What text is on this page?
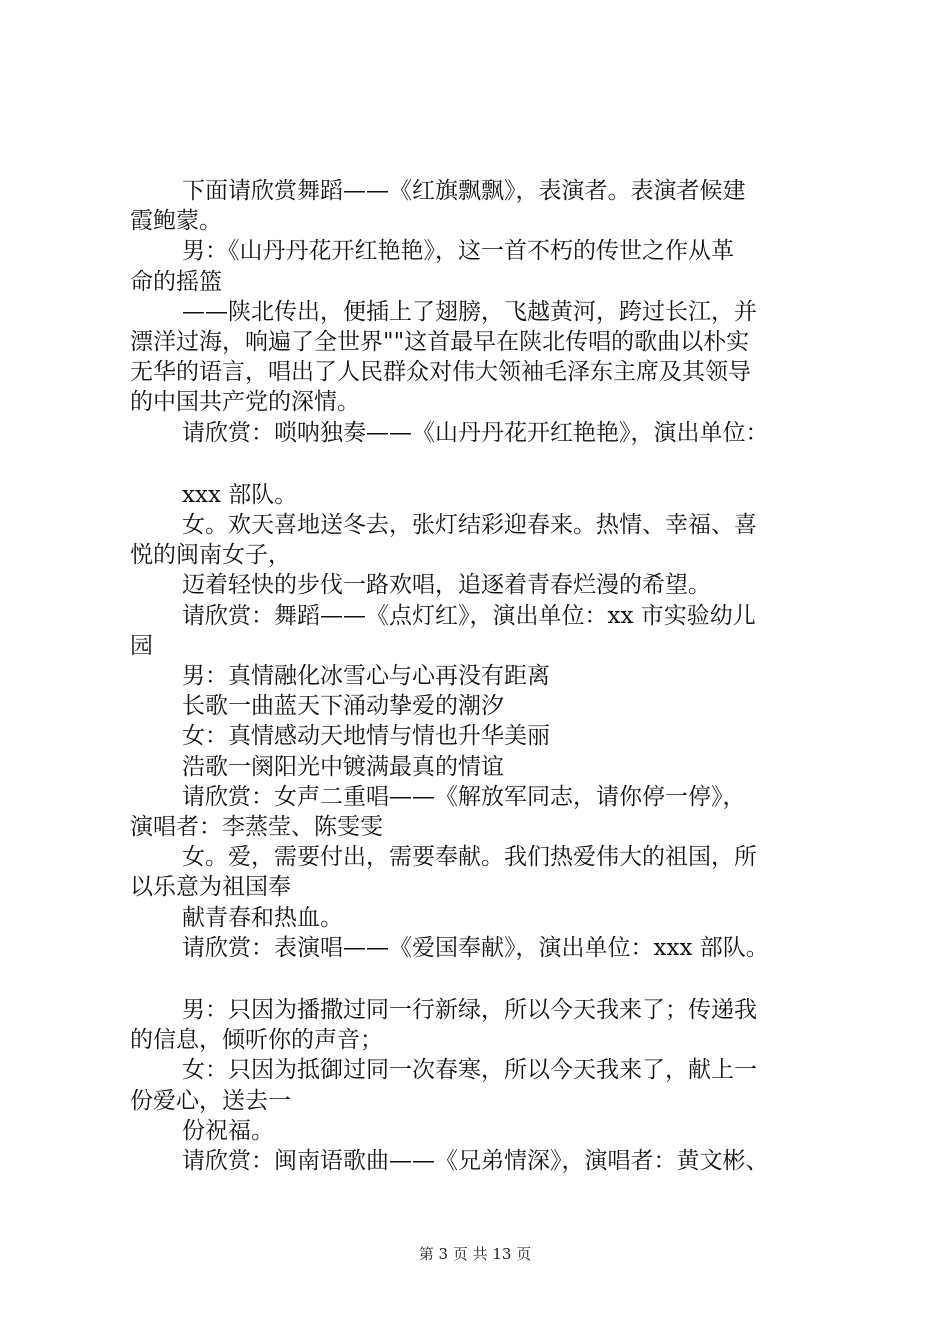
下面请欣赏舞蹈——《红旗飘飘》，表演者。表演者候建

霞鲍蒙。

男：《山丹丹花开红艳艳》，这一首不朽的传世之作从革

命的摇篮

——陕北传出，便插上了翅膀，飞越黄河，跨过长江，并

漂洋过海，响遍了全世界""这首最早在陕北传唱的歌曲以朴实

无华的语言，唱出了人民群众对伟大领袖毛泽东主席及其领导

的中国共产党的深情。

请欣赏：唢呐独奏——《山丹丹花开红艳艳》，演出单位：

xxx 部队。

女。欢天喜地送冬去，张灯结彩迎春来。热情、幸福、喜

悦的闽南女子，

迈着轻快的步伐一路欢唱，追逐着青春烂漫的希望。

请欣赏：舞蹈——《点灯红》，演出单位：xx 市实验幼儿

园

男：真情融化冰雪心与心再没有距离

长歌一曲蓝天下涌动挚爱的潮汐

女：真情感动天地情与情也升华美丽

浩歌一阕阳光中镀满最真的情谊

请欣赏：女声二重唱——《解放军同志，请你停一停》，

演唱者：李蒸莹、陈雯雯

女。爱，需要付出，需要奉献。我们热爱伟大的祖国，所

以乐意为祖国奉

献青春和热血。

请欣赏：表演唱——《爱国奉献》，演出单位：xxx 部队。

男：只因为播撒过同一行新绿，所以今天我来了；传递我

的信息，倾听你的声音；

女：只因为抵御过同一次春寒，所以今天我来了，献上一

份爱心，送去一

份祝福。

请欣赏：闽南语歌曲——《兄弟情深》，演唱者：黄文彬、

第 3 页 共 13 页
